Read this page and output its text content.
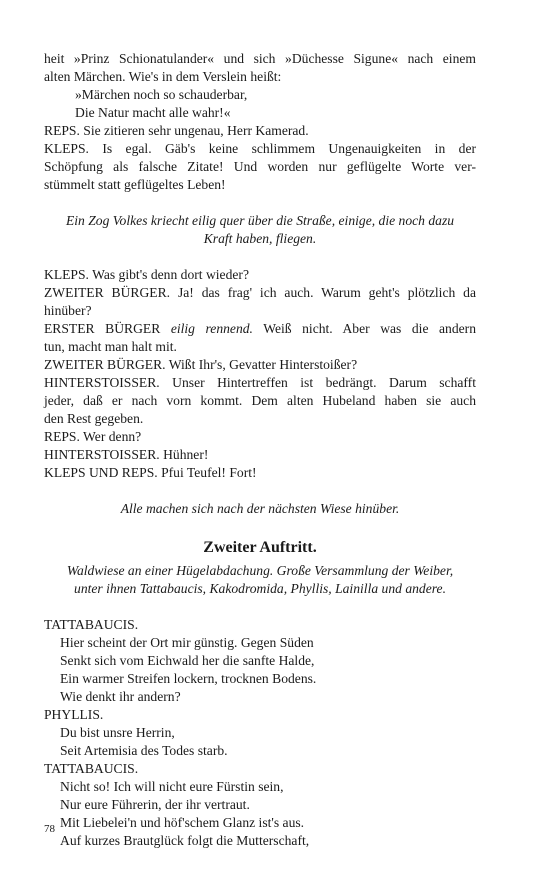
heit »Prinz Schionatulander« und sich »Düchesse Sigune« nach einem
alten Märchen. Wie's in dem Verslein heißt:
»Märchen noch so schauderbar,
Die Natur macht alle wahr!«
REPS. Sie zitieren sehr ungenau, Herr Kamerad.
KLEPS. Is egal. Gäb's keine schlimmem Ungenauigkeiten in der
Schöpfung als falsche Zitate! Und worden nur geflügelte Worte ver-
stümmelt statt geflügeltes Leben!
Ein Zog Volkes kriecht eilig quer über die Straße, einige, die noch dazu
Kraft haben, fliegen.
KLEPS. Was gibt's denn dort wieder?
ZWEITER BÜRGER. Ja! das frag' ich auch. Warum geht's plötzlich da
hinüber?
ERSTER BÜRGER eilig rennend. Weiß nicht. Aber was die andern
tun, macht man halt mit.
ZWEITER BÜRGER. Wißt Ihr's, Gevatter Hinterstoißer?
HINTERSTOISSER. Unser Hintertreffen ist bedrängt. Darum schafft
jeder, daß er nach vorn kommt. Dem alten Hubeland haben sie auch
den Rest gegeben.
REPS. Wer denn?
HINTERSTOISSER. Hühner!
KLEPS UND REPS. Pfui Teufel! Fort!
Alle machen sich nach der nächsten Wiese hinüber.
Zweiter Auftritt.
Waldwiese an einer Hügelabdachung. Große Versammlung der Weiber,
unter ihnen Tattabaucis, Kakodromida, Phyllis, Lainilla und andere.
TATTABAUCIS.
Hier scheint der Ort mir günstig. Gegen Süden
Senkt sich vom Eichwald her die sanfte Halde,
Ein warmer Streifen lockern, trocknen Bodens.
Wie denkt ihr andern?
PHYLLIS.
Du bist unsre Herrin,
Seit Artemisia des Todes starb.
TATTABAUCIS.
Nicht so! Ich will nicht eure Fürstin sein,
Nur eure Führerin, der ihr vertraut.
Mit Liebelei'n und höf'schem Glanz ist's aus.
Auf kurzes Brautglück folgt die Mutterschaft,
78
